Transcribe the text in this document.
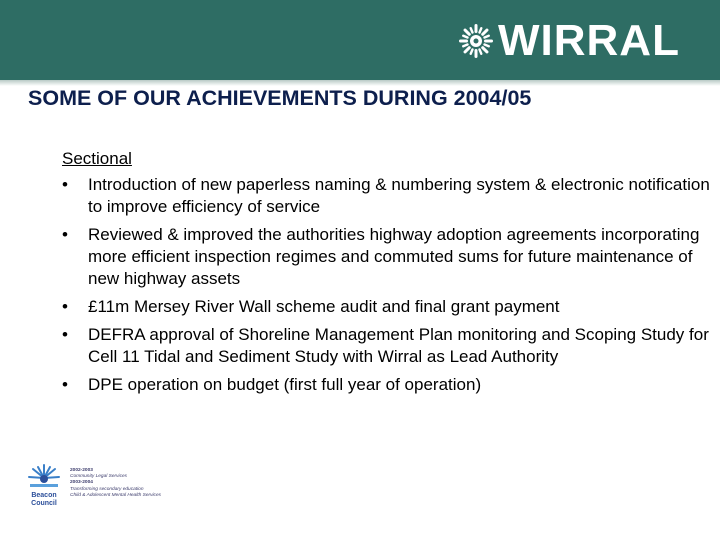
WIRRAL
SOME OF OUR ACHIEVEMENTS DURING 2004/05
Sectional
•	Introduction of new paperless naming & numbering system & electronic notification to improve efficiency of service
•	Reviewed & improved the authorities highway adoption agreements incorporating more efficient inspection regimes and commuted sums for future maintenance of new highway assets
•	£11m Mersey River Wall scheme audit and final grant payment
•	DEFRA approval of Shoreline Management Plan monitoring and Scoping Study for Cell 11 Tidal and Sediment Study with Wirral as Lead Authority
•	DPE operation on budget (first full year of operation)
Beacon
Council
2002-2003
Community Legal Services
2003-2004
Transforming secondary education
Child & Adolescent Mental Health Services
